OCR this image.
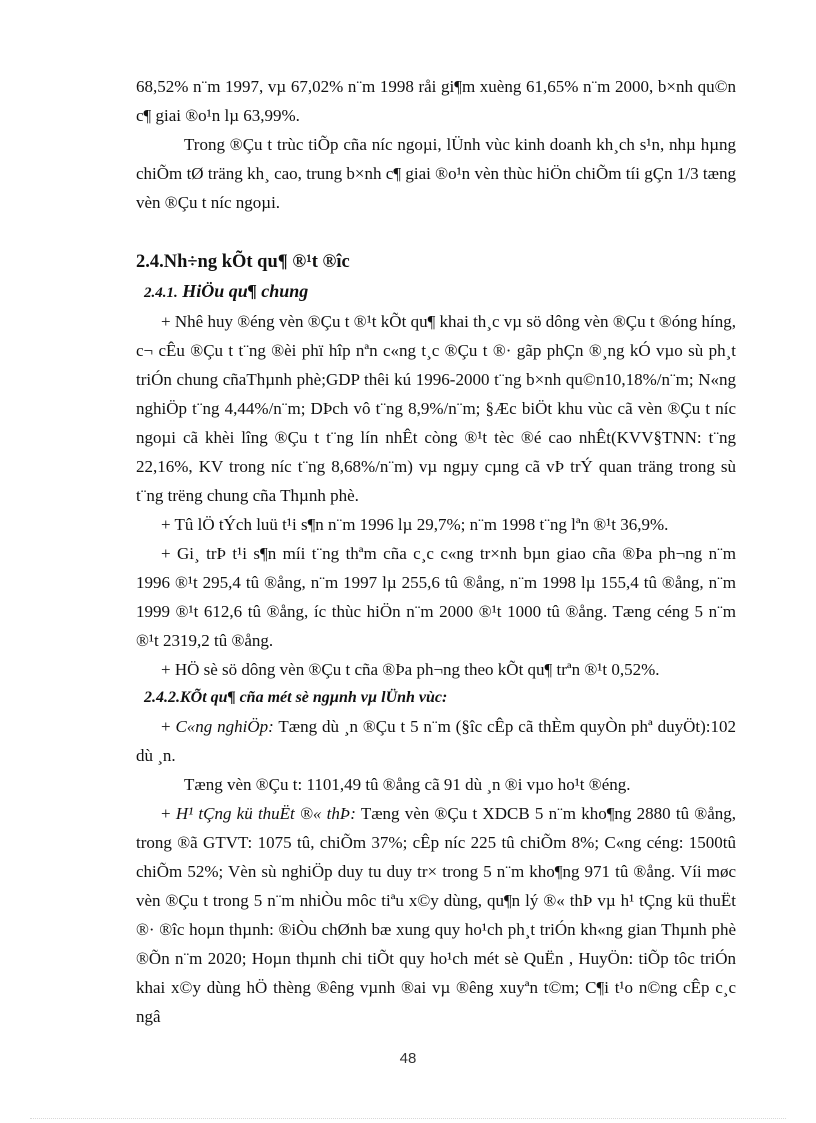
68,52% n¨m 1997, vµ 67,02% n¨m 1998 råi gi¶m xuèng 61,65% n¨m 2000, b×nh qu©n c¶ giai ®o¹n lµ 63,99%.

Trong ®Çu t trùc tiÕp cña níc ngoµi, lÜnh vùc kinh doanh kh¸ch s¹n, nhµ hµng chiÕm tØ träng kh¸ cao, trung b×nh c¶ giai ®o¹n vèn thùc hiÖn chiÕm tíi gÇn 1/3 tæng vèn ®Çu t níc ngoµi.

2.4.Nh÷ng kÕt qu¶ ®¹t ®îc
2.4.1. HiÖu qu¶ chung

+ Nhê huy ®éng vèn ®Çu t ®¹t kÕt qu¶ khai th¸c vµ sö dông vèn ®Çu t ®óng híng, c¬ cÊu ®Çu t t¨ng ®èi phï hîp nªn c«ng t¸c ®Çu t ®· gãp phÇn ®¸ng kÓ vµo sù ph¸t triÓn chung cñaThµnh phè;GDP thêi kú 1996-2000 t¨ng b×nh qu©n10,18%/n¨m; N«ng nghiÖp t¨ng 4,44%/n¨m; DÞch vô t¨ng 8,9%/n¨m; §Æc biÖt khu vùc cã vèn ®Çu t níc ngoµi cã khèi lîng ®Çu t t¨ng lín nhÊt còng ®¹t tèc ®é cao nhÊt(KVV§TNN: t¨ng 22,16%, KV trong níc t¨ng 8,68%/n¨m) vµ ngµy cµng cã vÞ trÝ quan träng trong sù t¨ng trëng chung cña Thµnh phè.

+ Tû lÖ tÝch luü t¹i s¶n n¨m 1996 lµ 29,7%; n¨m 1998 t¨ng lªn ®¹t 36,9%.

+ Gi¸ trÞ t¹i s¶n míi t¨ng thªm cña c¸c c«ng tr×nh bµn giao cña ®Þa ph¬ng n¨m 1996 ®¹t 295,4 tû ®ång, n¨m 1997 lµ 255,6 tû ®ång, n¨m 1998 lµ 155,4 tû ®ång, n¨m 1999 ®¹t 612,6 tû ®ång, íc thùc hiÖn n¨m 2000 ®¹t 1000 tû ®ång. Tæng céng 5 n¨m ®¹t 2319,2 tû ®ång.

+ HÖ sè sö dông vèn ®Çu t cña ®Þa ph¬ng theo kÕt qu¶ trªn ®¹t 0,52%.

2.4.2.KÕt qu¶ cña mét sè ngµnh vµ lÜnh vùc:

+ C«ng nghiÖp: Tæng dù ¸n ®Çu t 5 n¨m (§îc cÊp cã thÈm quyÒn phª duyÖt):102 dù ¸n.

Tæng vèn ®Çu t: 1101,49 tû ®ång cã 91 dù ¸n ®i vµo ho¹t ®éng.

+ H¹ tÇng kü thuËt ®« thÞ: Tæng vèn ®Çu t XDCB 5 n¨m kho¶ng 2880 tû ®ång, trong ®ã GTVT: 1075 tû, chiÕm 37%; cÊp níc 225 tû chiÕm 8%; C«ng céng: 1500tû chiÕm 52%; Vèn sù nghiÖp duy tu duy tr× trong 5 n¨m kho¶ng 971 tû ®ång. Víi møc vèn ®Çu t trong 5 n¨m nhiÒu môc tiªu x©y dùng, qu¶n lý ®« thÞ vµ h¹ tÇng kü thuËt ®· ®îc hoµn thµnh: ®iÒu chØnh bæ xung quy ho¹ch ph¸t triÓn kh«ng gian Thµnh phè ®Õn n¨m 2020; Hoµn thµnh chi tiÕt quy ho¹ch mét sè QuËn , HuyÖn: tiÕp tôc triÓn khai x©y dùng hÖ thèng ®êng vµnh ®ai vµ ®êng xuyªn t©m; C¶i t¹o n©ng cÊp c¸c ngâ

48
